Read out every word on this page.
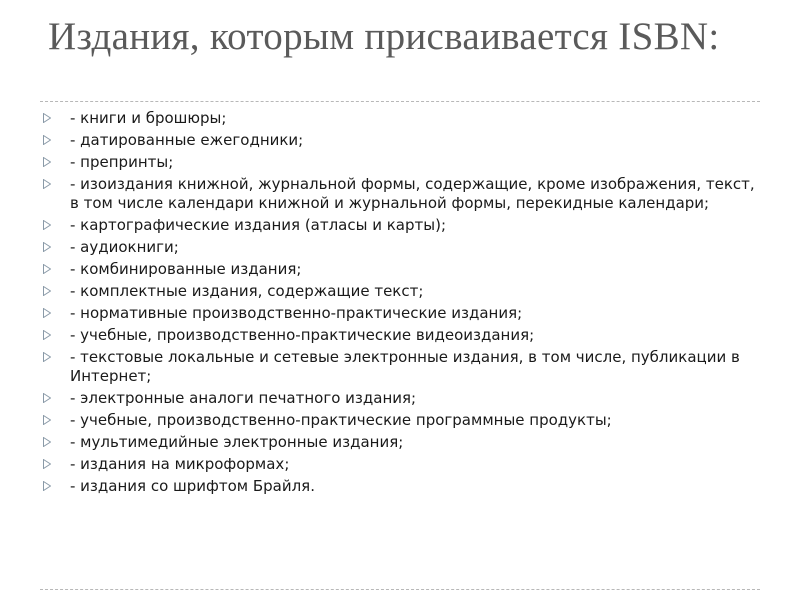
Издания, которым присваивается ISBN:
- книги и брошюры;
- датированные ежегодники;
- препринты;
- изоиздания книжной, журнальной формы, содержащие, кроме изображения, текст, в том числе календари книжной и журнальной формы, перекидные календари;
- картографические издания (атласы и карты);
- аудиокниги;
- комбинированные издания;
- комплектные издания, содержащие текст;
- нормативные производственно-практические издания;
- учебные, производственно-практические видеоиздания;
- текстовые локальные и сетевые электронные издания, в том числе, публикации в Интернет;
- электронные аналоги печатного издания;
- учебные, производственно-практические программные продукты;
- мультимедийные электронные издания;
- издания на микроформах;
- издания со шрифтом Брайля.
